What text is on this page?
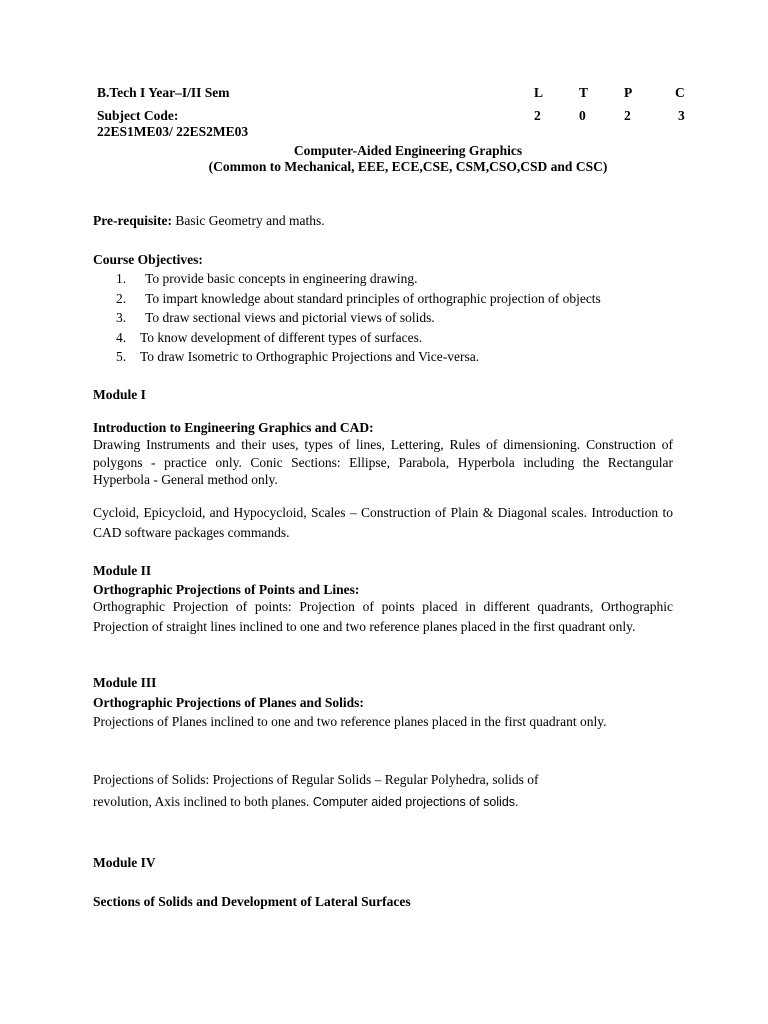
B.Tech I Year–I/II Sem
Subject Code:
22ES1ME03/ 22ES2ME03
L	T	P	C
2	0	2	3
Computer-Aided Engineering Graphics
(Common to Mechanical, EEE, ECE,CSE, CSM,CSO,CSD and CSC)
Pre-requisite: Basic Geometry and maths.
Course Objectives:
1. To provide basic concepts in engineering drawing.
2. To impart knowledge about standard principles of orthographic projection of objects
3. To draw sectional views and pictorial views of solids.
4. To know development of different types of surfaces.
5. To draw Isometric to Orthographic Projections and Vice-versa.
Module I
Introduction to Engineering Graphics and CAD:
Drawing Instruments and their uses, types of lines, Lettering, Rules of dimensioning. Construction of polygons - practice only. Conic Sections: Ellipse, Parabola, Hyperbola including the Rectangular Hyperbola - General method only.
Cycloid, Epicycloid, and Hypocycloid, Scales – Construction of Plain & Diagonal scales. Introduction to CAD software packages commands.
Module II
Orthographic Projections of Points and Lines:
Orthographic Projection of points: Projection of points placed in different quadrants, Orthographic Projection of straight lines inclined to one and two reference planes placed in the first quadrant only.
Module III
Orthographic Projections of Planes and Solids:
Projections of Planes inclined to one and two reference planes placed in the first quadrant only.
Projections of Solids: Projections of Regular Solids – Regular Polyhedra, solids of
revolution, Axis inclined to both planes. Computer aided projections of solids.
Module IV
Sections of Solids and Development of Lateral Surfaces
